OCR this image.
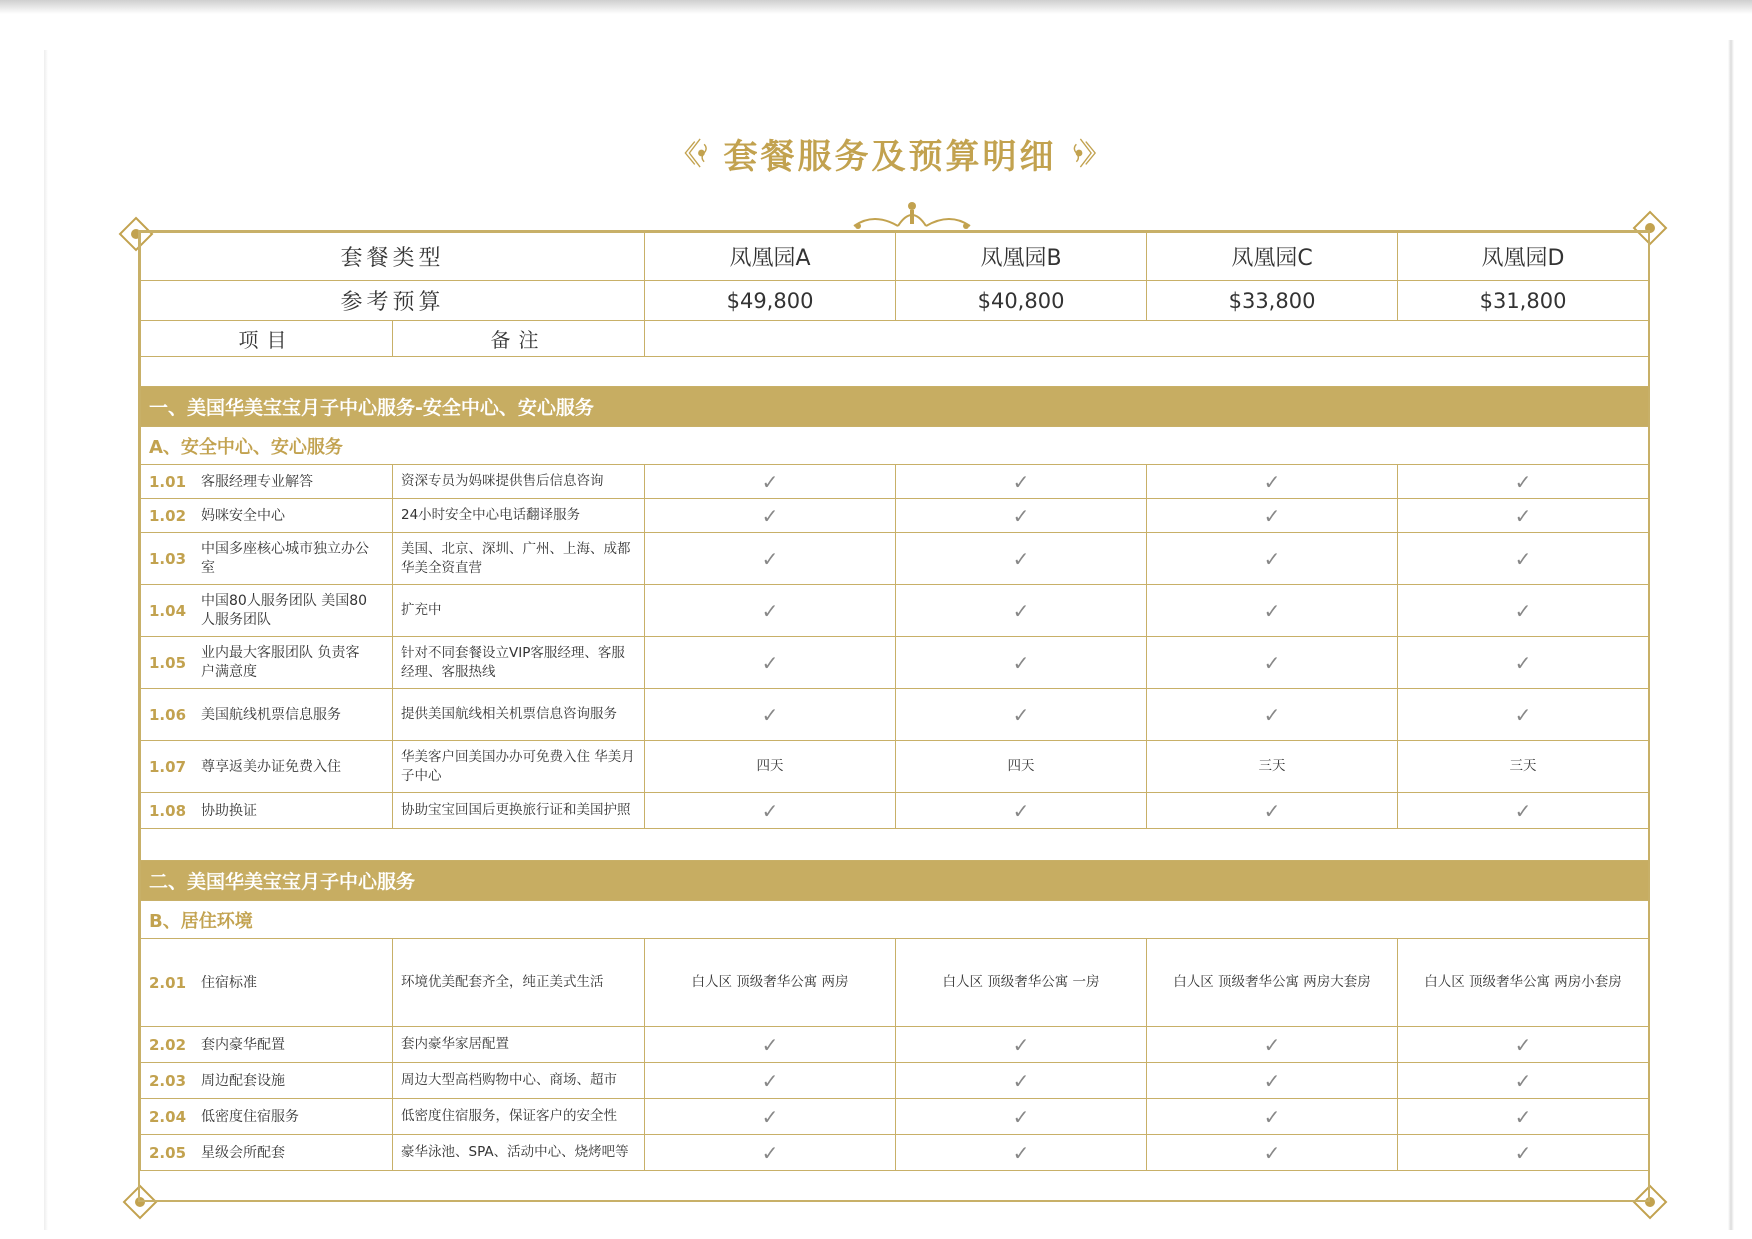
套餐服务及预算明细
套餐类型		凤凰园A	凤凰园B	凤凰园C	凤凰园D
参考预算		$49,800	$40,800	$33,800	$31,800
项目	备注				

一、美国华美宝宝月子中心服务-安全中心、安心服务					
A、安全中心、安心服务					
1.01 客服经理专业解答	资深专员为妈咪提供售后信息咨询	✓	✓	✓	✓
1.02 妈咪安全中心	24小时安全中心电话翻译服务	✓	✓	✓	✓
1.03中国多座核心城市独立办公室	美国、北京、深圳、广州、上海、成都华美全资直营	✓	✓	✓	✓
1.04中国80人服务团队 美国80人服务团队	扩充中	✓	✓	✓	✓
1.05业内最大客服团队 负责客户满意度	针对不同套餐设立VIP客服经理、客服经理、客服热线	✓	✓	✓	✓
1.06 美国航线机票信息服务	提供美国航线相关机票信息咨询服务	✓	✓	✓	✓
1.07 尊享返美办证免费入住	华美客户回美国办办可免费入住 华美月子中心	四天	四天	三天	三天
1.08 协助换证	协助宝宝回国后更换旅行证和美国护照	✓	✓	✓	✓

二、美国华美宝宝月子中心服务					
B、居住环境					
2.01 住宿标准	环境优美配套齐全，纯正美式生活	白人区 顶级奢华公寓 两房	白人区 顶级奢华公寓 一房	白人区 顶级奢华公寓 两房大套房	白人区 顶级奢华公寓 两房小套房
2.02 套内豪华配置	套内豪华家居配置	✓	✓	✓	✓
2.03 周边配套设施	周边大型高档购物中心、商场、超市	✓	✓	✓	✓
2.04 低密度住宿服务	低密度住宿服务，保证客户的安全性	✓	✓	✓	✓
2.05 星级会所配套	豪华泳池、SPA、活动中心、烧烤吧等	✓	✓	✓	✓
